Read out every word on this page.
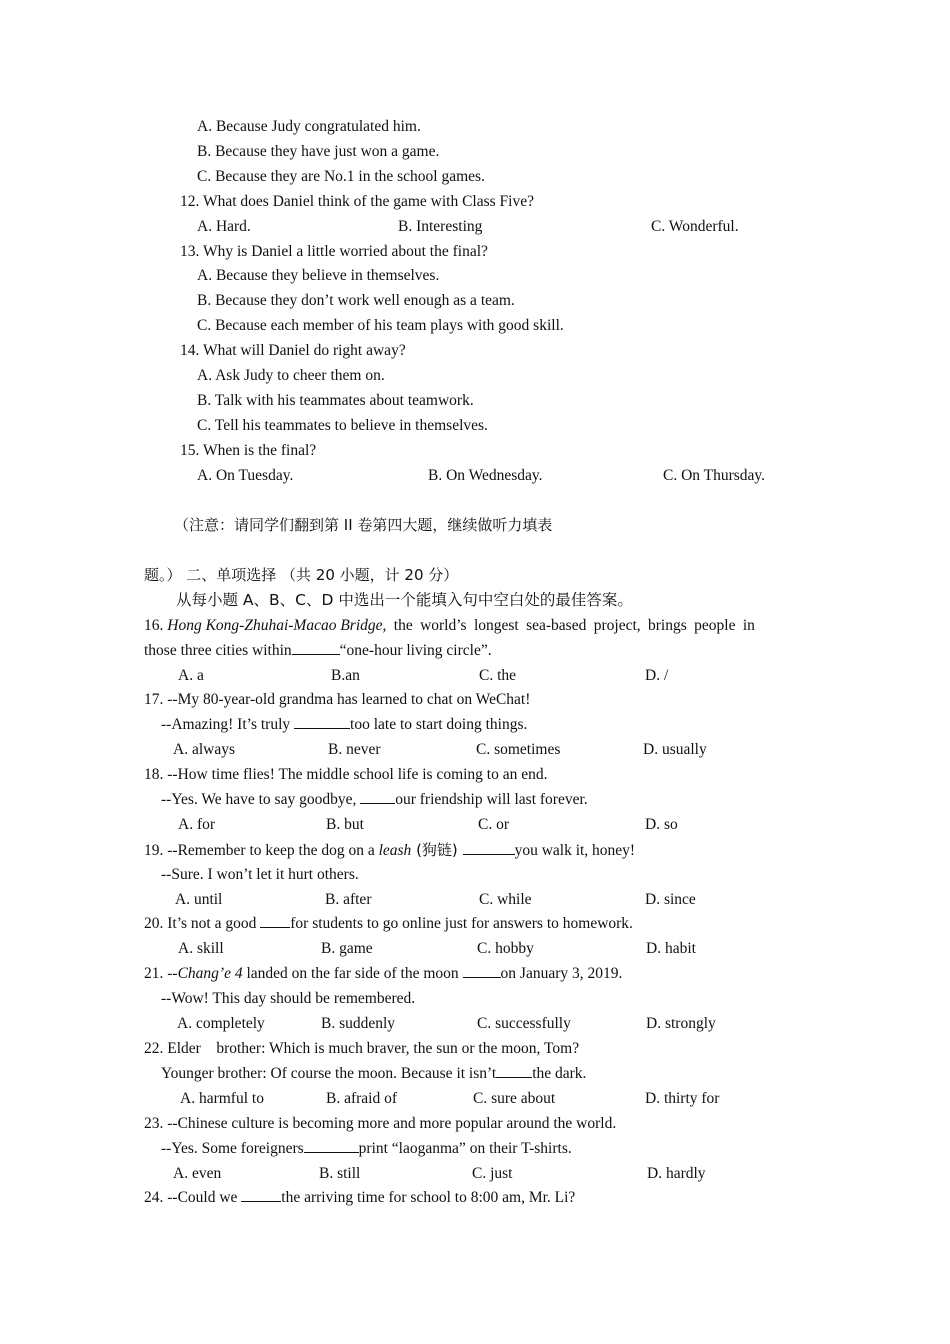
A. Because Judy congratulated him.
B. Because they have just won a game.
C. Because they are No.1 in the school games.
12. What does Daniel think of the game with Class Five?
A. Hard.	B. Interesting	C. Wonderful.
13. Why is Daniel a little worried about the final?
A. Because they believe in themselves.
B. Because they don’t work well enough as a team.
C. Because each member of his team plays with good skill.
14. What will Daniel do right away?
A. Ask Judy to cheer them on.
B. Talk with his teammates about teamwork.
C. Tell his teammates to believe in themselves.
15. When is the final?
A. On Tuesday.	B. On Wednesday.	C. On Thursday.
（注意：请同学们翻到第 II 卷第四大题，继续做听力填表
题。） 二、单项选择 （共 20 小题，计 20 分）
从每小题 A、B、C、D 中选出一个能填入句中空白处的最佳答案。
16. Hong Kong-Zhuhai-Macao Bridge, the world’s longest sea-based project, brings people in
those three cities within	“one-hour living circle”.
A. a	B.an	C. the	D. /
17. --My 80-year-old grandma has learned to chat on WeChat!
--Amazing! It’s truly	too late to start doing things.
A. always	B. never	C. sometimes	D. usually
18. --How time flies! The middle school life is coming to an end.
--Yes. We have to say goodbye, our friendship will last forever.
A. for	B. but	C. or	D. so
19. --Remember to keep the dog on a leash (狗链)	you walk it, honey!
--Sure. I won’t let it hurt others.
A. until	B. after	C. while	D. since
20. It’s not a good for students to go online just for answers to homework.
A. skill	B. game	C. hobby	D. habit
21. --Chang’e 4 landed on the far side of the moon on January 3, 2019.
--Wow! This day should be remembered.
A. completely	B. suddenly	C. successfully	D. strongly
22. Elder    brother: Which is much braver, the sun or the moon, Tom?
Younger brother: Of course the moon. Because it isn’t the dark.
A. harmful to	B. afraid of	C. sure about	D. thirty for
23. --Chinese culture is becoming more and more popular around the world.
--Yes. Some foreigners	print “laoganma” on their T-shirts.
A. even	B. still	C. just	D. hardly
24. --Could we	the arriving time for school to 8:00 am, Mr. Li?
